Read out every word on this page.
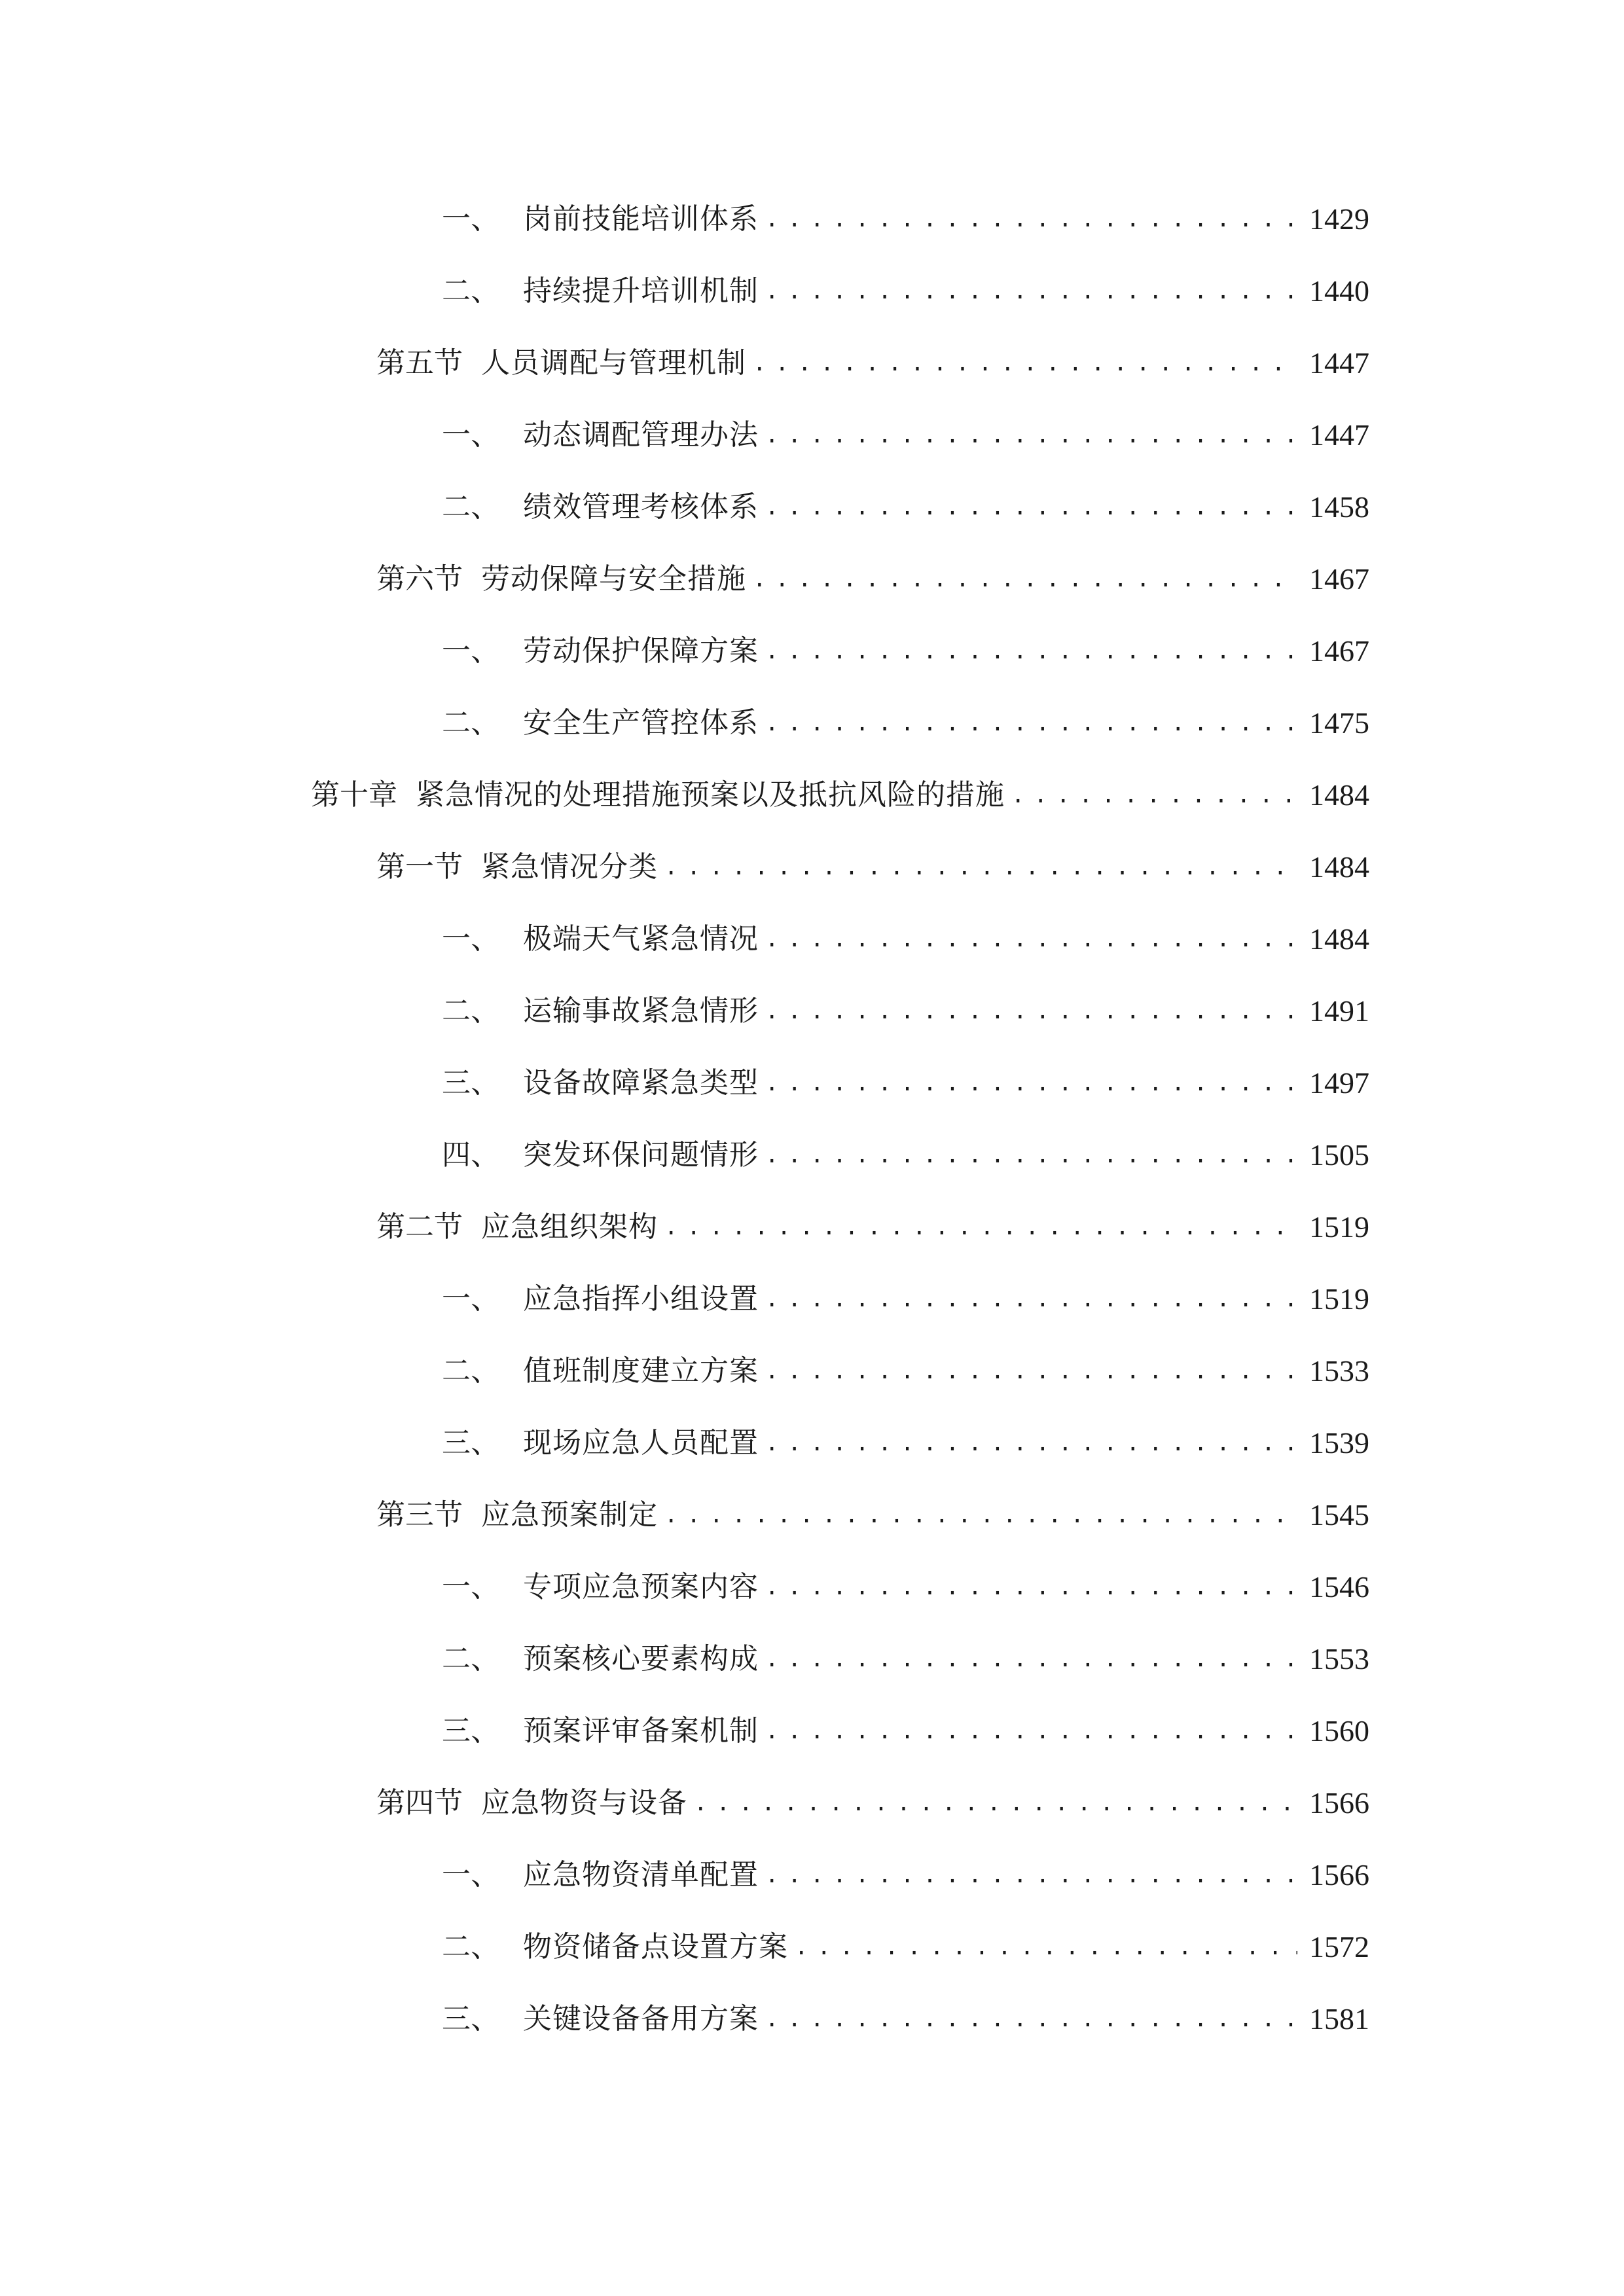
一、 岗前技能培训体系 .....	1429
二、 持续提升培训机制 .....	1440
第五节 人员调配与管理机制 .....	1447
一、 动态调配管理办法 .....	1447
二、 绩效管理考核体系 .....	1458
第六节 劳动保障与安全措施 .....	1467
一、 劳动保护保障方案 .....	1467
二、 安全生产管控体系 .....	1475
第十章 紧急情况的处理措施预案以及抵抗风险的措施 .....	1484
第一节 紧急情况分类 .....	1484
一、 极端天气紧急情况 .....	1484
二、 运输事故紧急情形 .....	1491
三、 设备故障紧急类型 .....	1497
四、 突发环保问题情形 .....	1505
第二节 应急组织架构 .....	1519
一、 应急指挥小组设置 .....	1519
二、 值班制度建立方案 .....	1533
三、 现场应急人员配置 .....	1539
第三节 应急预案制定 .....	1545
一、 专项应急预案内容 .....	1546
二、 预案核心要素构成 .....	1553
三、 预案评审备案机制 .....	1560
第四节 应急物资与设备 .....	1566
一、 应急物资清单配置 .....	1566
二、 物资储备点设置方案 .....	1572
三、 关键设备备用方案 .....	1581
